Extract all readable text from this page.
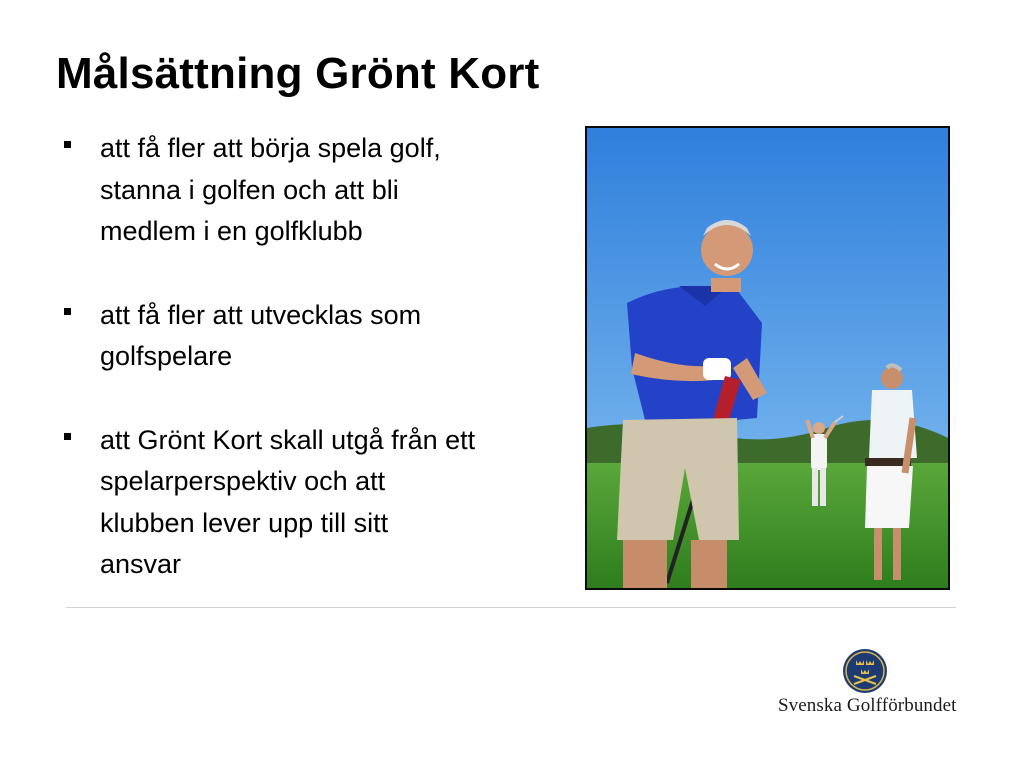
Målsättning Grönt Kort
att få fler att börja spela golf,
stanna i golfen och att bli
medlem i en golfklubb
att få fler att utvecklas som
golfspelare
att Grönt Kort skall utgå från ett
spelarperspektiv och att
klubben lever upp till sitt
ansvar
Svenska Golfförbundet
